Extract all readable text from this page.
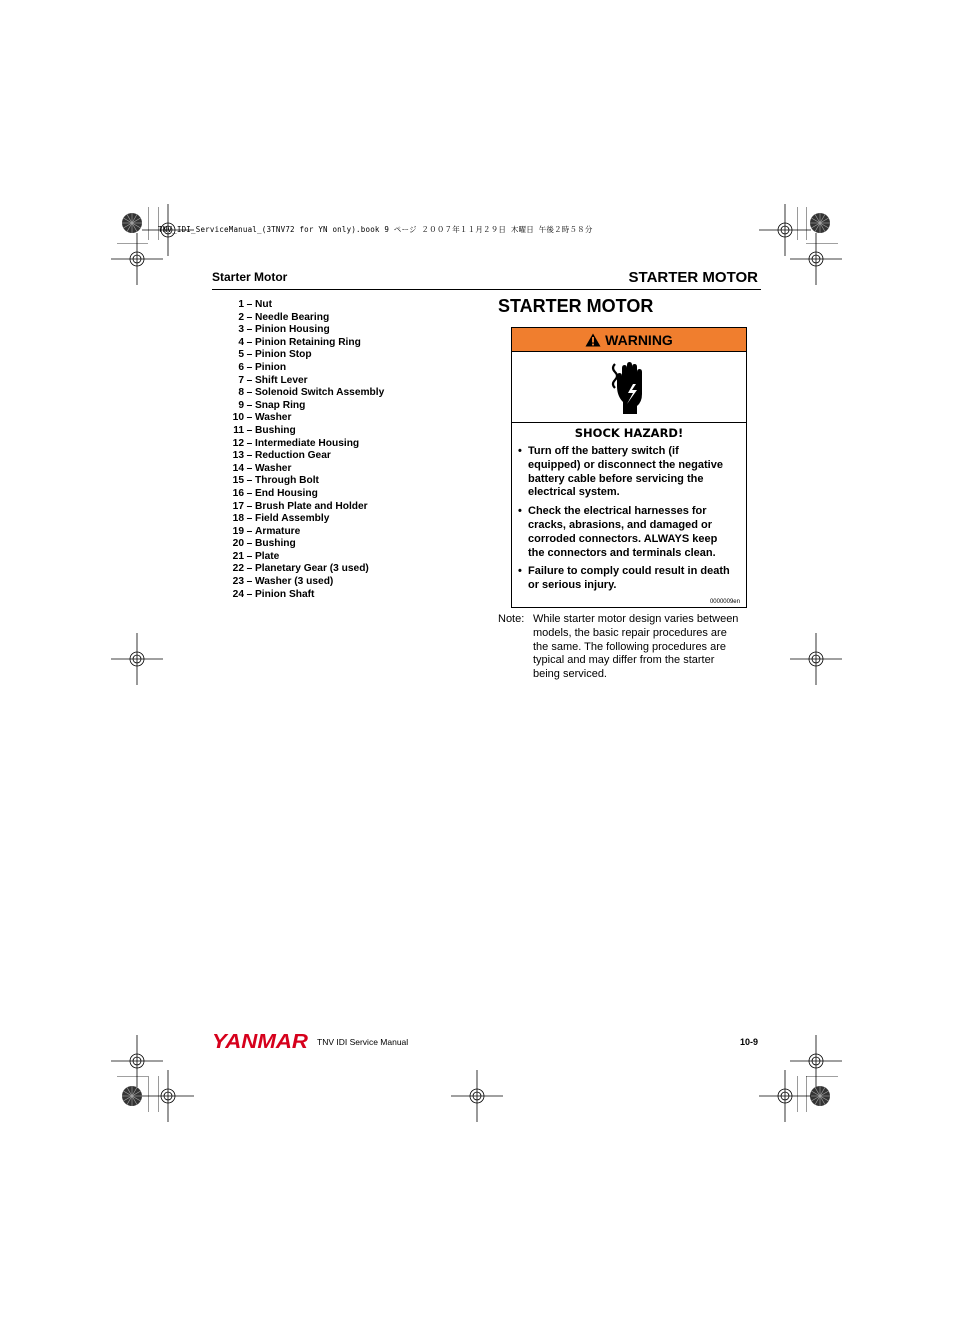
TNV_IDI_ServiceManual_(3TNV72 for YN only).book 9 ページ ２００７年１１月２９日 木曜日 午後２時５８分
Starter Motor	STARTER MOTOR
1 – Nut
2 – Needle Bearing
3 – Pinion Housing
4 – Pinion Retaining Ring
5 – Pinion Stop
6 – Pinion
7 – Shift Lever
8 – Solenoid Switch Assembly
9 – Snap Ring
10 – Washer
11 – Bushing
12 – Intermediate Housing
13 – Reduction Gear
14 – Washer
15 – Through Bolt
16 – End Housing
17 – Brush Plate and Holder
18 – Field Assembly
19 – Armature
20 – Bushing
21 – Plate
22 – Planetary Gear (3 used)
23 – Washer (3 used)
24 – Pinion Shaft
STARTER MOTOR
WARNING
SHOCK HAZARD!
• Turn off the battery switch (if equipped) or disconnect the negative battery cable before servicing the electrical system.
• Check the electrical harnesses for cracks, abrasions, and damaged or corroded connectors. ALWAYS keep the connectors and terminals clean.
• Failure to comply could result in death or serious injury.
0000009en
Note: While starter motor design varies between models, the basic repair procedures are the same. The following procedures are typical and may differ from the starter being serviced.
YANMAR TNV IDI Service Manual	10-9
